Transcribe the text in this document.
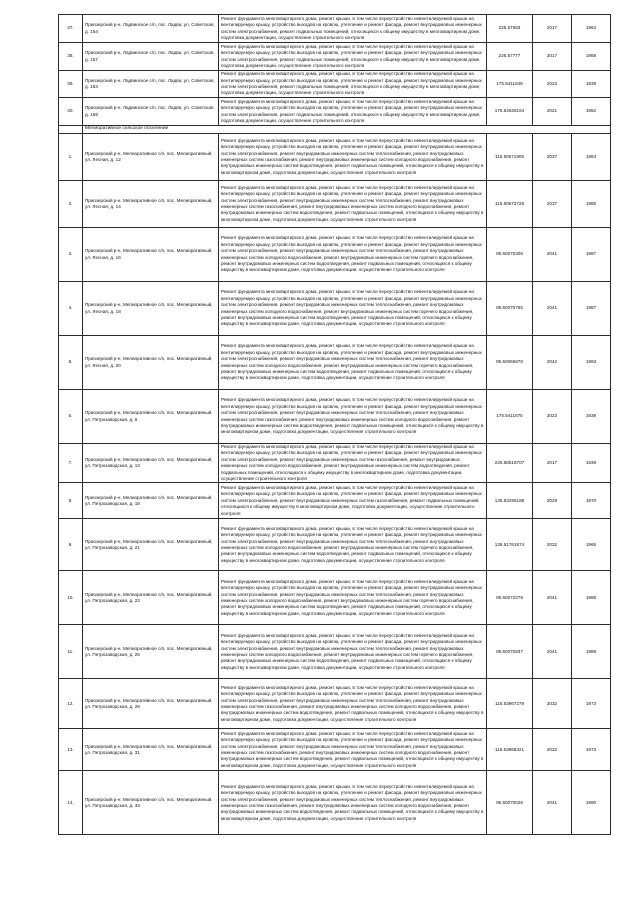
37.	Приозерский р-н, Ладвинское с/п, пос. Ладва, ул. Советская, д. 154	Ремонт фундамента многоквартирного дома, ремонт крыши, в том числе переустройство невентилируемой крыши на вентилируемую крышу, устройство выходов на кровлю, утепление и ремонт фасада, ремонт внутридомовых инженерных систем электроснабжения, ремонт подвальных помещений, относящихся к общему имуществу в многоквартирном доме, подготовка документации, осуществление строительного контроля	225.57563	2017	1963
38.	Приозерский р-н, Ладвинское с/п, пос. Ладва, ул. Советская, д. 157	Ремонт фундамента многоквартирного дома, ремонт крыши, в том числе переустройство невентилируемой крыши на вентилируемую крышу, устройство выходов на кровлю, утепление и ремонт фасада, ремонт внутридомовых инженерных систем электроснабжения, ремонт подвальных помещений, относящихся к общему имуществу в многоквартирном доме, подготовка документации, осуществление строительного контроля	225.57777	2017	1958
39.	Приозерский р-н, Ладвинское с/п, пос. Ладва, ул. Советская, д. 163	Ремонт фундамента многоквартирного дома, ремонт крыши, в том числе переустройство невентилируемой крыши на вентилируемую крышу, устройство выходов на кровлю, утепление и ремонт фасада, ремонт внутридомовых инженерных систем электроснабжения, ремонт подвальных помещений, относящихся к общему имуществу в многоквартирном доме, подготовка документации, осуществление строительного контроля	175.5411849	2023	1939
40.	Приозерский р-н, Ладвинское с/п, пос. Ладва, ул. Советская, д. 165	Ремонт фундамента многоквартирного дома, ремонт крыши, в том числе переустройство невентилируемой крыши на вентилируемую крышу, устройство выходов на кровлю, утепление и ремонт фасада, ремонт внутридомовых инженерных систем электроснабжения, ремонт подвальных помещений, относящихся к общему имуществу в многоквартирном доме, подготовка документации, осуществление строительного контроля	175.54628164	2021	1952
	Мелиоративное сельское поселение				
1.	Приозерский р-н, Мелиоративное с/п, пос. Мелиоративный, ул. Лесная, д. 12	Ремонт фундамента многоквартирного дома, ремонт крыши, в том числе переустройство невентилируемой крыши на вентилируемую крышу, устройство выходов на кровлю, утепление и ремонт фасада, ремонт внутридомовых инженерных систем электроснабжения, ремонт внутридомовых инженерных систем теплоснабжения, ремонт внутридомовых инженерных систем газоснабжения, ремонт внутридомовых инженерных систем холодного водоснабжения, ремонт внутридомовых инженерных систем водоотведения, ремонт подвальных помещений, относящихся к общему имуществу в многоквартирном доме, подготовка документации, осуществление строительного контроля	115.50671905	2037	1984
2.	Приозерский р-н, Мелиоративное с/п, пос. Мелиоративный, ул. Лесная, д. 14	Ремонт фундамента многоквартирного дома, ремонт крыши, в том числе переустройство невентилируемой крыши на вентилируемую крышу, устройство выходов на кровлю, утепление и ремонт фасада, ремонт внутридомовых инженерных систем электроснабжения, ремонт внутридомовых инженерных систем теплоснабжения, ремонт внутридомовых инженерных систем газоснабжения, ремонт внутридомовых инженерных систем холодного водоснабжения, ремонт внутридомовых инженерных систем водоотведения, ремонт подвальных помещений, относящихся к общему имуществу в многоквартирном доме, подготовка документации, осуществление строительного контроля	115.50673728	2037	1985
3.	Приозерский р-н, Мелиоративное с/п, пос. Мелиоративный, ул. Лесная, д. 16	Ремонт фундамента многоквартирного дома, ремонт крыши, в том числе переустройство невентилируемой крыши на вентилируемую крышу, устройство выходов на кровлю, утепление и ремонт фасада, ремонт внутридомовых инженерных систем электроснабжения, ремонт внутридомовых инженерных систем теплоснабжения, ремонт внутридомовых инженерных систем холодного водоснабжения, ремонт внутридомовых инженерных систем горячего водоснабжения, ремонт внутридомовых инженерных систем водоотведения, ремонт подвальных помещений, относящихся к общему имуществу в многоквартирном доме, подготовка документации, осуществление строительного контроля	95.50075308	2041	1987
4.	Приозерский р-н, Мелиоративное с/п, пос. Мелиоративный, ул. Лесная, д. 18	Ремонт фундамента многоквартирного дома, ремонт крыши, в том числе переустройство невентилируемой крыши на вентилируемую крышу, устройство выходов на кровлю, утепление и ремонт фасада, ремонт внутридомовых инженерных систем электроснабжения, ремонт внутридомовых инженерных систем теплоснабжения, ремонт внутридомовых инженерных систем холодного водоснабжения, ремонт внутридомовых инженерных систем горячего водоснабжения, ремонт внутридомовых инженерных систем водоотведения, ремонт подвальных помещений, относящихся к общему имуществу в многоквартирном доме, подготовка документации, осуществление строительного контроля	95.50070765	2041	1987
5.	Приозерский р-н, Мелиоративное с/п, пос. Мелиоративный, ул. Лесная, д. 20	Ремонт фундамента многоквартирного дома, ремонт крыши, в том числе переустройство невентилируемой крыши на вентилируемую крышу, устройство выходов на кровлю, утепление и ремонт фасада, ремонт внутридомовых инженерных систем электроснабжения, ремонт внутридомовых инженерных систем теплоснабжения, ремонт внутридомовых инженерных систем холодного водоснабжения, ремонт внутридомовых инженерных систем горячего водоснабжения, ремонт внутридомовых инженерных систем водоотведения, ремонт подвальных помещений, относящихся к общему имуществу в многоквартирном доме, подготовка документации, осуществление строительного контроля	95.50066878	2042	1993
6.	Приозерский р-н, Мелиоративное с/п, пос. Мелиоративный, ул. Петрозаводская, д. 6	Ремонт фундамента многоквартирного дома, ремонт крыши, в том числе переустройство невентилируемой крыши на вентилируемую крышу, устройство выходов на кровлю, утепление и ремонт фасада, ремонт внутридомовых инженерных систем электроснабжения, ремонт внутридомовых инженерных систем теплоснабжения, ремонт внутридомовых инженерных систем газоснабжения, ремонт внутридомовых инженерных систем холодного водоснабжения, ремонт внутридомовых инженерных систем водоотведения, ремонт подвальных помещений, относящихся к общему имуществу в многоквартирном доме, подготовка документации, осуществление строительного контроля	175.5411675	2023	1939
7.	Приозерский р-н, Мелиоративное с/п, пос. Мелиоративный, ул. Петрозаводская, д. 13	Ремонт фундамента многоквартирного дома, ремонт крыши, в том числе переустройство невентилируемой крыши на вентилируемую крышу, устройство выходов на кровлю, утепление и ремонт фасада, ремонт внутридомовых инженерных систем электроснабжения, ремонт внутридомовых инженерных систем газоснабжения, ремонт внутридомовых инженерных систем холодного водоснабжения, ремонт внутридомовых инженерных систем водоотведения, ремонт подвальных помещений, относящихся к общему имуществу в многоквартирном доме, подготовка документации, осуществление строительного контроля	225.58518707	2017	1939
8.	Приозерский р-н, Мелиоративное с/п, пос. Мелиоративный, ул. Петрозаводская, д. 18	Ремонт фундамента многоквартирного дома, ремонт крыши, в том числе переустройство невентилируемой крыши на вентилируемую крышу, устройство выходов на кровлю, утепление и ремонт фасада, ремонт внутридомовых инженерных систем электроснабжения, ремонт внутридомовых инженерных систем газоснабжения, ремонт подвальных помещений, относящихся к общему имуществу в многоквартирном доме, подготовка документации, осуществление строительного контроля	135.53296188	2029	1970
9.	Приозерский р-н, Мелиоративное с/п, пос. Мелиоративный, ул. Петрозаводская, д. 21	Ремонт фундамента многоквартирного дома, ремонт крыши, в том числе переустройство невентилируемой крыши на вентилируемую крышу, устройство выходов на кровлю, утепление и ремонт фасада, ремонт внутридомовых инженерных систем электроснабжения, ремонт внутридомовых инженерных систем теплоснабжения, ремонт внутридомовых инженерных систем холодного водоснабжения, ремонт внутридомовых инженерных систем горячего водоснабжения, ремонт внутридомовых инженерных систем водоотведения, ремонт подвальных помещений, относящихся к общему имуществу в многоквартирном доме, подготовка документации, осуществление строительного контроля	135.51761874	2032	1965
10.	Приозерский р-н, Мелиоративное с/п, пос. Мелиоративный, ул. Петрозаводская, д. 23	Ремонт фундамента многоквартирного дома, ремонт крыши, в том числе переустройство невентилируемой крыши на вентилируемую крышу, устройство выходов на кровлю, утепление и ремонт фасада, ремонт внутридомовых инженерных систем электроснабжения, ремонт внутридомовых инженерных систем теплоснабжения, ремонт внутридомовых инженерных систем холодного водоснабжения, ремонт внутридомовых инженерных систем горячего водоснабжения, ремонт внутридомовых инженерных систем водоотведения, ремонт подвальных помещений, относящихся к общему имуществу в многоквартирном доме, подготовка документации, осуществление строительного контроля	95.50072279	2041	1988
11.	Приозерский р-н, Мелиоративное с/п, пос. Мелиоративный, ул. Петрозаводская, д. 25	Ремонт фундамента многоквартирного дома, ремонт крыши, в том числе переустройство невентилируемой крыши на вентилируемую крышу, устройство выходов на кровлю, утепление и ремонт фасада, ремонт внутридомовых инженерных систем электроснабжения, ремонт внутридомовых инженерных систем теплоснабжения, ремонт внутридомовых инженерных систем холодного водоснабжения, ремонт внутридомовых инженерных систем горячего водоснабжения, ремонт внутридомовых инженерных систем водоотведения, ремонт подвальных помещений, относящихся к общему имуществу в многоквартирном доме, подготовка документации, осуществление строительного контроля	95.50070837	2041	1989
12.	Приозерский р-н, Мелиоративное с/п, пос. Мелиоративный, ул. Петрозаводская, д. 29	Ремонт фундамента многоквартирного дома, ремонт крыши, в том числе переустройство невентилируемой крыши на вентилируемую крышу, устройство выходов на кровлю, утепление и ремонт фасада, ремонт внутридомовых инженерных систем электроснабжения, ремонт внутридомовых инженерных систем теплоснабжения, ремонт внутридомовых инженерных систем газоснабжения, ремонт внутридомовых инженерных систем холодного водоснабжения, ремонт внутридомовых инженерных систем водоотведения, ремонт подвальных помещений, относящихся к общему имуществу в многоквартирном доме, подготовка документации, осуществление строительного контроля	115.53967279	2032	1973
13.	Приозерский р-н, Мелиоративное с/п, пос. Мелиоративный, ул. Петрозаводская, д. 31	Ремонт фундамента многоквартирного дома, ремонт крыши, в том числе переустройство невентилируемой крыши на вентилируемую крышу, устройство выходов на кровлю, утепление и ремонт фасада, ремонт внутридомовых инженерных систем электроснабжения, ремонт внутридомовых инженерных систем теплоснабжения, ремонт внутридомовых инженерных систем газоснабжения, ремонт внутридомовых инженерных систем холодного водоснабжения, ремонт внутридомовых инженерных систем водоотведения, ремонт подвальных помещений, относящихся к общему имуществу в многоквартирном доме, подготовка документации, осуществление строительного контроля	115.53968321	2032	1973
14.	Приозерский р-н, Мелиоративное с/п, пос. Мелиоративный, ул. Петрозаводская, д. 33	Ремонт фундамента многоквартирного дома, ремонт крыши, в том числе переустройство невентилируемой крыши на вентилируемую крышу, устройство выходов на кровлю, утепление и ремонт фасада, ремонт внутридомовых инженерных систем электроснабжения, ремонт внутридомовых инженерных систем теплоснабжения, ремонт внутридомовых инженерных систем газоснабжения, ремонт внутридомовых инженерных систем холодного водоснабжения, ремонт внутридомовых инженерных систем водоотведения, ремонт подвальных помещений, относящихся к общему имуществу в многоквартирном доме, подготовка документации, осуществление строительного контроля	95.50070026	2041	1990
